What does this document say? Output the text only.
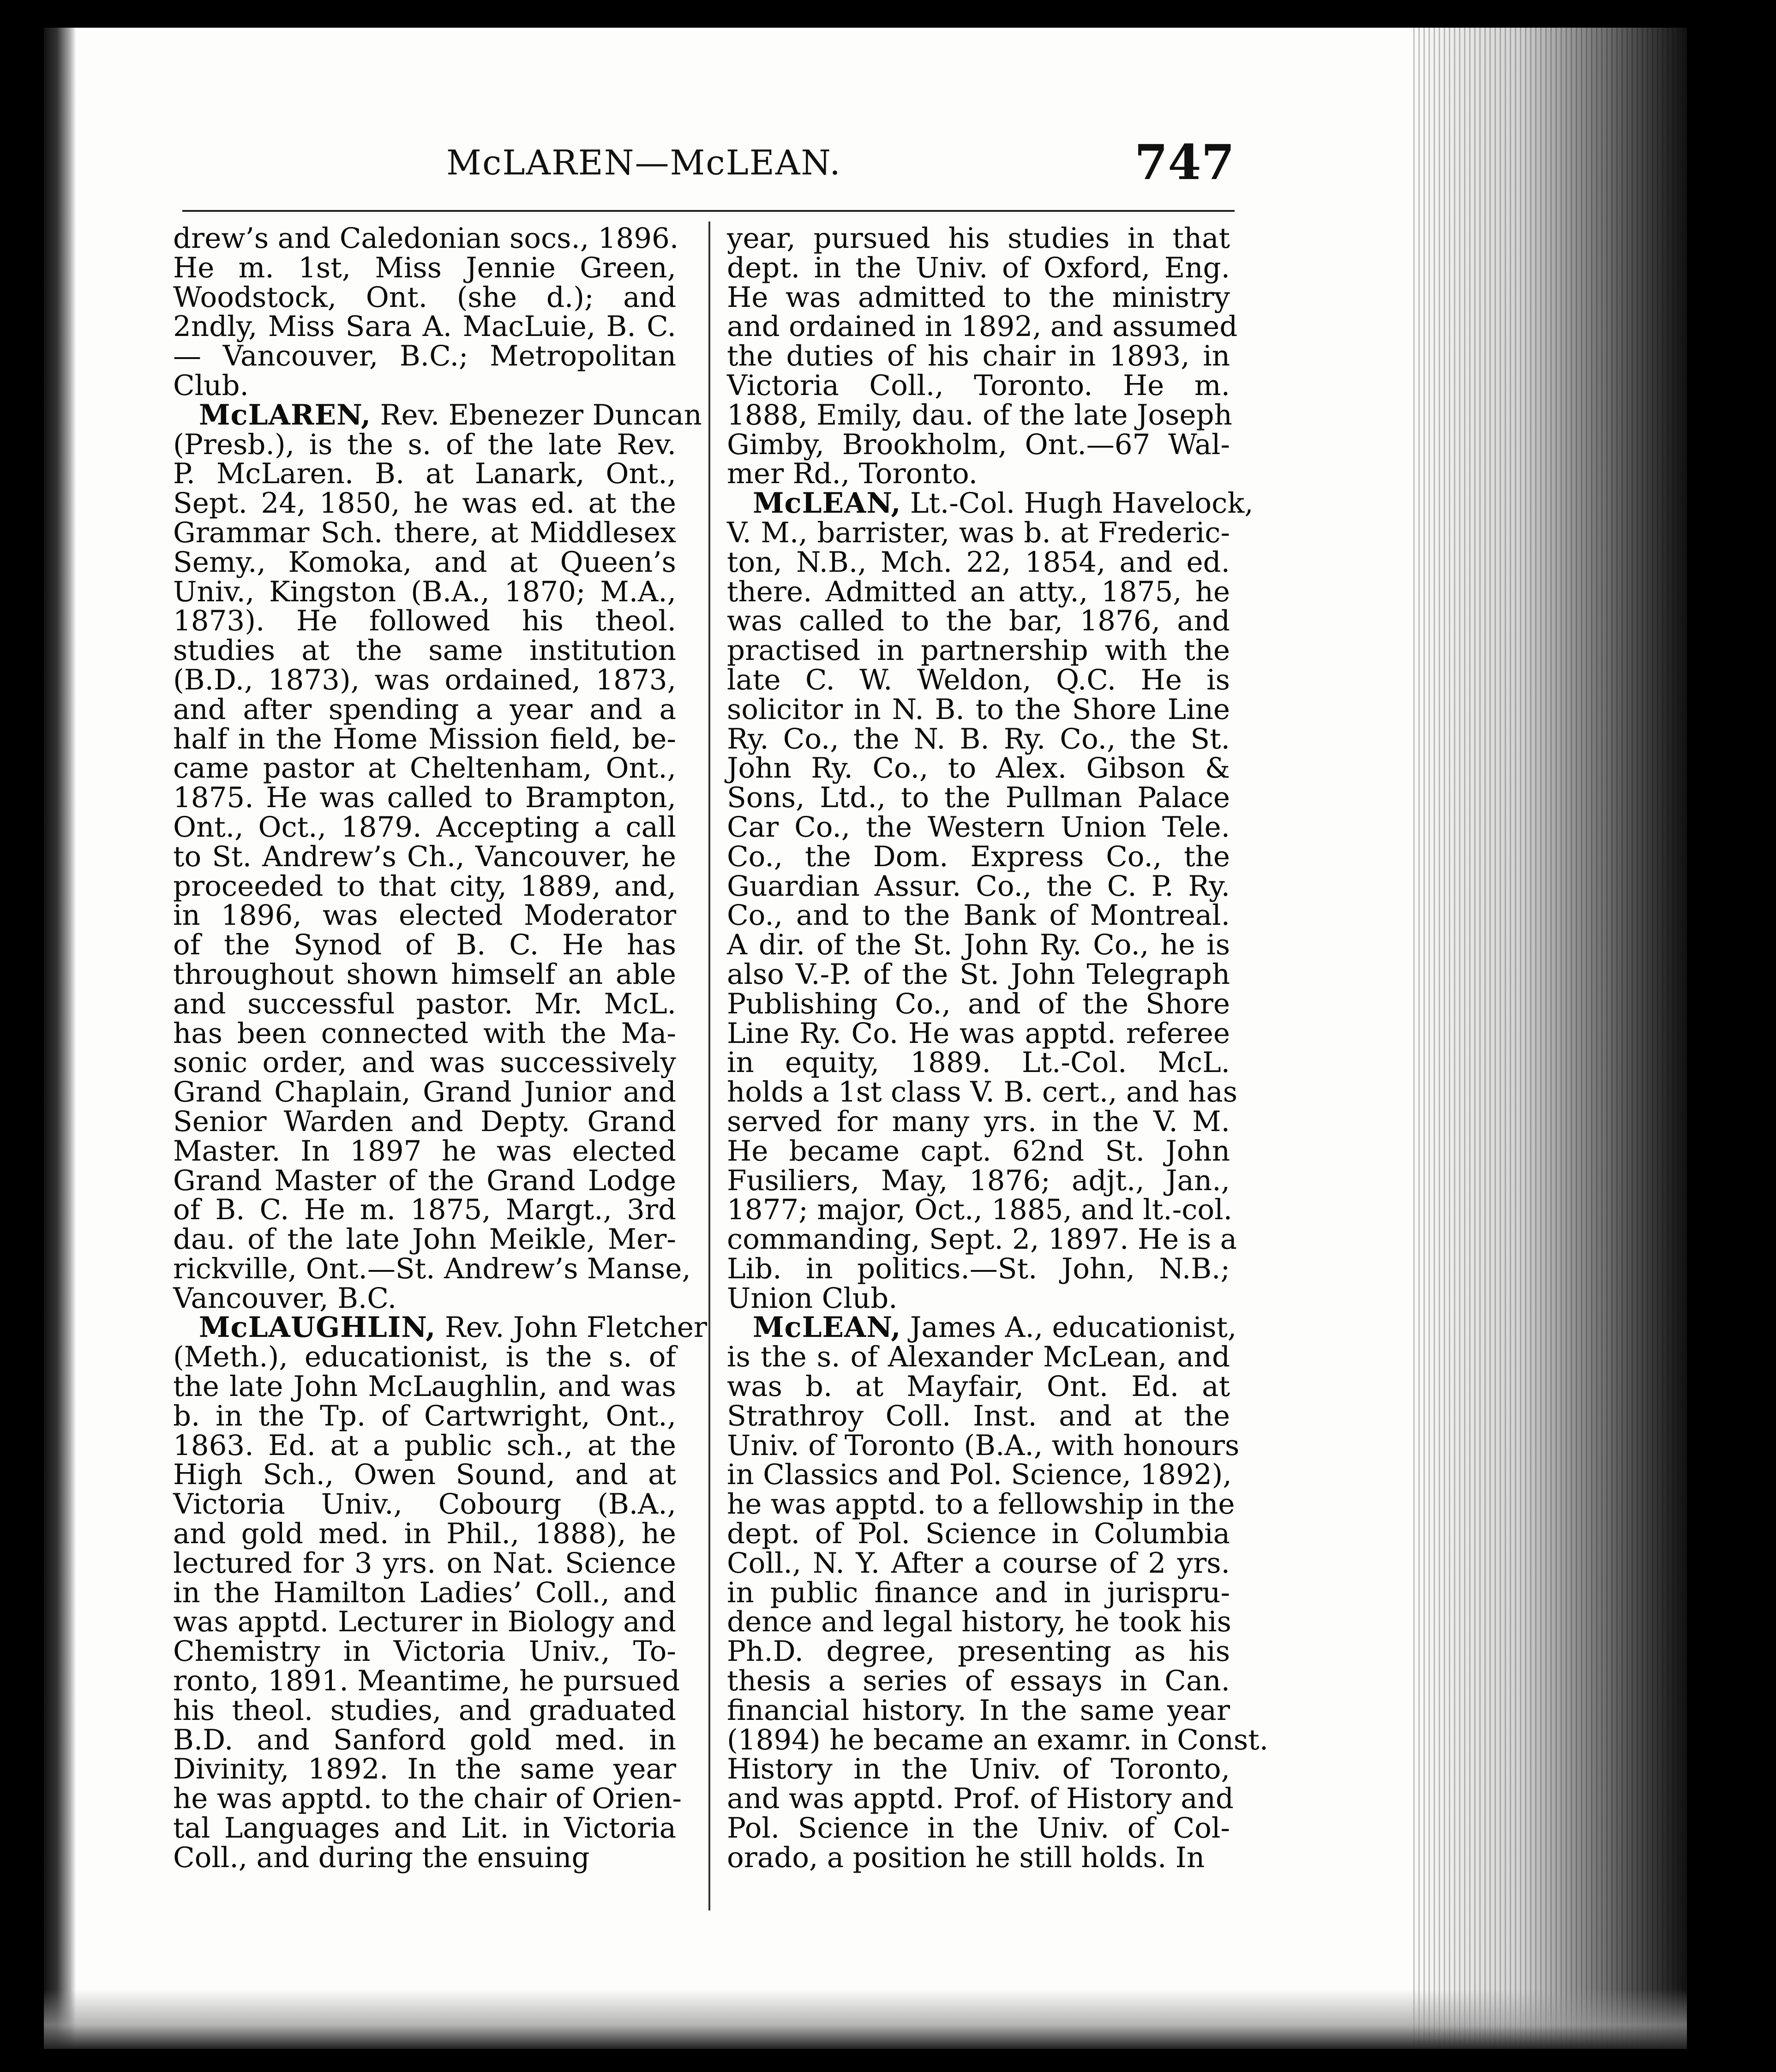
McLAREN—McLEAN.	747

drew’s and Caledonian socs., 1896.
He m. 1st, Miss Jennie Green,
Woodstock, Ont. (she d.); and
2ndly, Miss Sara A. MacLuie, B. C.
— Vancouver, B.C.; Metropolitan
Club.

McLAREN, Rev. Ebenezer Duncan
(Presb.), is the s. of the late Rev.
P. McLaren. B. at Lanark, Ont.,
Sept. 24, 1850, he was ed. at the
Grammar Sch. there, at Middlesex
Semy., Komoka, and at Queen’s
Univ., Kingston (B.A., 1870; M.A.,
1873). He followed his theol.
studies at the same institution
(B.D., 1873), was ordained, 1873,
and after spending a year and a
half in the Home Mission field, be-
came pastor at Cheltenham, Ont.,
1875. He was called to Brampton,
Ont., Oct., 1879. Accepting a call
to St. Andrew’s Ch., Vancouver, he
proceeded to that city, 1889, and,
in 1896, was elected Moderator
of the Synod of B. C. He has
throughout shown himself an able
and successful pastor. Mr. McL.
has been connected with the Ma-
sonic order, and was successively
Grand Chaplain, Grand Junior and
Senior Warden and Depty. Grand
Master. In 1897 he was elected
Grand Master of the Grand Lodge
of B. C. He m. 1875, Margt., 3rd
dau. of the late John Meikle, Mer-
rickville, Ont.—St. Andrew’s Manse,
Vancouver, B.C.

McLAUGHLIN, Rev. John Fletcher
(Meth.), educationist, is the s. of
the late John McLaughlin, and was
b. in the Tp. of Cartwright, Ont.,
1863. Ed. at a public sch., at the
High Sch., Owen Sound, and at
Victoria Univ., Cobourg (B.A.,
and gold med. in Phil., 1888), he
lectured for 3 yrs. on Nat. Science
in the Hamilton Ladies’ Coll., and
was apptd. Lecturer in Biology and
Chemistry in Victoria Univ., To-
ronto, 1891. Meantime, he pursued
his theol. studies, and graduated
B.D. and Sanford gold med. in
Divinity, 1892. In the same year
he was apptd. to the chair of Orien-
tal Languages and Lit. in Victoria
Coll., and during the ensuing

year, pursued his studies in that
dept. in the Univ. of Oxford, Eng.
He was admitted to the ministry
and ordained in 1892, and assumed
the duties of his chair in 1893, in
Victoria Coll., Toronto. He m.
1888, Emily, dau. of the late Joseph
Gimby, Brookholm, Ont.—67 Wal-
mer Rd., Toronto.

McLEAN, Lt.-Col. Hugh Havelock,
V. M., barrister, was b. at Frederic-
ton, N.B., Mch. 22, 1854, and ed.
there. Admitted an atty., 1875, he
was called to the bar, 1876, and
practised in partnership with the
late C. W. Weldon, Q.C. He is
solicitor in N. B. to the Shore Line
Ry. Co., the N. B. Ry. Co., the St.
John Ry. Co., to Alex. Gibson &
Sons, Ltd., to the Pullman Palace
Car Co., the Western Union Tele.
Co., the Dom. Express Co., the
Guardian Assur. Co., the C. P. Ry.
Co., and to the Bank of Montreal.
A dir. of the St. John Ry. Co., he is
also V.-P. of the St. John Telegraph
Publishing Co., and of the Shore
Line Ry. Co. He was apptd. referee
in equity, 1889. Lt.-Col. McL.
holds a 1st class V. B. cert., and has
served for many yrs. in the V. M.
He became capt. 62nd St. John
Fusiliers, May, 1876; adjt., Jan.,
1877; major, Oct., 1885, and lt.-col.
commanding, Sept. 2, 1897. He is a
Lib. in politics.—St. John, N.B.;
Union Club.

McLEAN, James A., educationist,
is the s. of Alexander McLean, and
was b. at Mayfair, Ont. Ed. at
Strathroy Coll. Inst. and at the
Univ. of Toronto (B.A., with honours
in Classics and Pol. Science, 1892),
he was apptd. to a fellowship in the
dept. of Pol. Science in Columbia
Coll., N. Y. After a course of 2 yrs.
in public finance and in jurispru-
dence and legal history, he took his
Ph.D. degree, presenting as his
thesis a series of essays in Can.
financial history. In the same year
(1894) he became an examr. in Const.
History in the Univ. of Toronto,
and was apptd. Prof. of History and
Pol. Science in the Univ. of Col-
orado, a position he still holds. In
